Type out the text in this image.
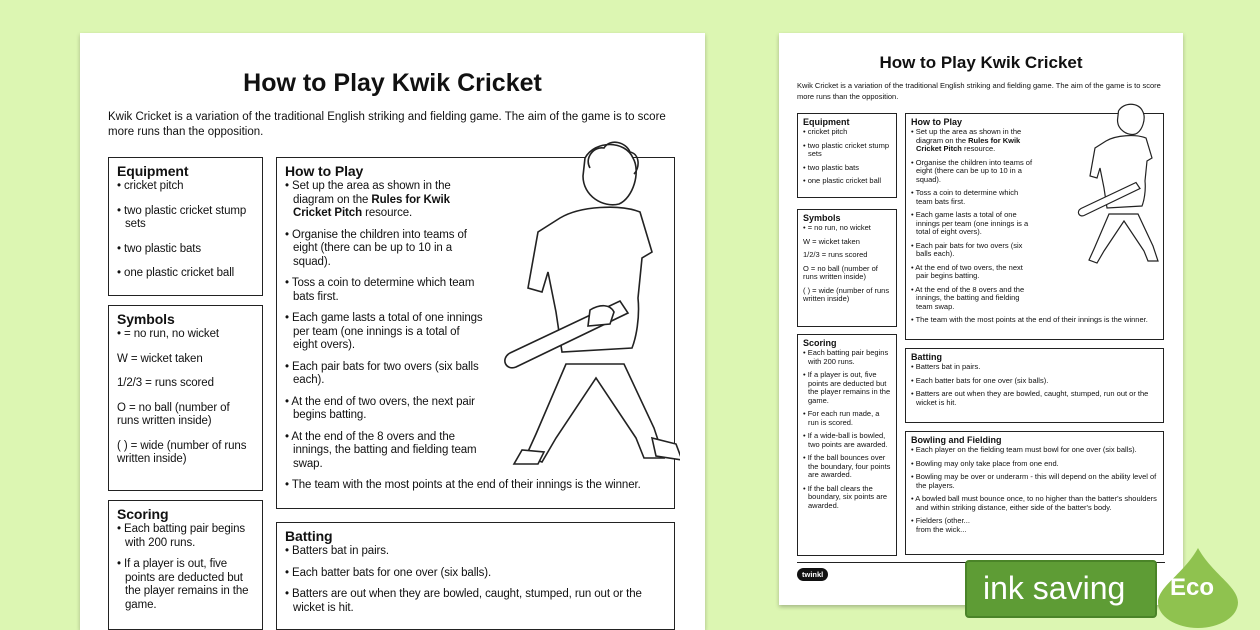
How to Play Kwik Cricket
Kwik Cricket is a variation of the traditional English striking and fielding game. The aim of the game is to score more runs than the opposition.
Equipment
• cricket pitch
• two plastic cricket stump sets
• two plastic bats
• one plastic cricket ball
Symbols
• = no run, no wicket
W = wicket taken
1/2/3 = runs scored
O = no ball (number of runs written inside)
( ) = wide (number of runs written inside)
Scoring
• Each batting pair begins with 200 runs.
• If a player is out, five points are deducted but the player remains in the game.
How to Play
• Set up the area as shown in the diagram on the Rules for Kwik Cricket Pitch resource.
• Organise the children into teams of eight (there can be up to 10 in a squad).
• Toss a coin to determine which team bats first.
• Each game lasts a total of one innings per team (one innings is a total of eight overs).
• Each pair bats for two overs (six balls each).
• At the end of two overs, the next pair begins batting.
• At the end of the 8 overs and the innings, the batting and fielding team swap.
• The team with the most points at the end of their innings is the winner.
Batting
• Batters bat in pairs.
• Each batter bats for one over (six balls).
• Batters are out when they are bowled, caught, stumped, run out or the wicket is hit.
How to Play Kwik Cricket
Kwik Cricket is a variation of the traditional English striking and fielding game. The aim of the game is to score more runs than the opposition.
Equipment
• cricket pitch
• two plastic cricket stump sets
• two plastic bats
• one plastic cricket ball
Symbols
• = no run, no wicket
W = wicket taken
1/2/3 = runs scored
O = no ball (number of runs written inside)
( ) = wide (number of runs written inside)
Scoring
• Each batting pair begins with 200 runs.
• If a player is out, five points are deducted but the player remains in the game.
• For each run made, a run is scored.
• If a wide-ball is bowled, two points are awarded.
• If the ball bounces over the boundary, four points are awarded.
• If the ball clears the boundary, six points are awarded.
How to Play
• Set up the area as shown in the diagram on the Rules for Kwik Cricket Pitch resource.
• Organise the children into teams of eight (there can be up to 10 in a squad).
• Toss a coin to determine which team bats first.
• Each game lasts a total of one innings per team (one innings is a total of eight overs).
• Each pair bats for two overs (six balls each).
• At the end of two overs, the next pair begins batting.
• At the end of the 8 overs and the innings, the batting and fielding team swap.
• The team with the most points at the end of their innings is the winner.
Batting
• Batters bat in pairs.
• Each batter bats for one over (six balls).
• Batters are out when they are bowled, caught, stumped, run out or the wicket is hit.
Bowling and Fielding
• Each player on the fielding team must bowl for one over (six balls).
• Bowling may only take place from one end.
• Bowling may be over or underarm - this will depend on the ability level of the players.
• A bowled ball must bounce once, to no higher than the batter's shoulders and within striking distance, either side of the batter's body.
• Fielders (other...
from the wick...
twinkl	ink saving	Eco
